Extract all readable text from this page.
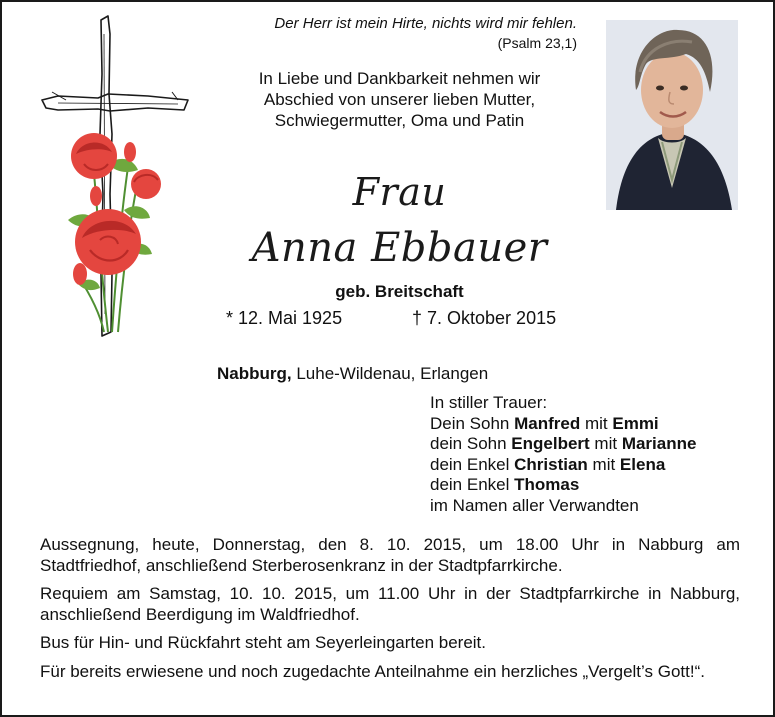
Der Herr ist mein Hirte, nichts wird mir fehlen.
(Psalm 23,1)
In Liebe und Dankbarkeit nehmen wir
Abschied von unserer lieben Mutter,
Schwiegermutter, Oma und Patin
Frau
Anna Ebbauer
geb. Breitschaft
* 12. Mai 1925	† 7. Oktober 2015
Nabburg, Luhe-Wildenau, Erlangen
In stiller Trauer:
Dein Sohn Manfred mit Emmi
dein Sohn Engelbert mit Marianne
dein Enkel Christian mit Elena
dein Enkel Thomas
im Namen aller Verwandten
Aussegnung, heute, Donnerstag, den 8. 10. 2015, um 18.00 Uhr in Nabburg am Stadtfriedhof, anschließend Sterberosenkranz in der Stadtpfarrkirche.
Requiem am Samstag, 10. 10. 2015, um 11.00 Uhr in der Stadtpfarrkirche in Nabburg, anschließend Beerdigung im Waldfriedhof.
Bus für Hin- und Rückfahrt steht am Seyerleingarten bereit.
Für bereits erwiesene und noch zugedachte Anteilnahme ein herzliches „Vergelt’s Gott!“.
